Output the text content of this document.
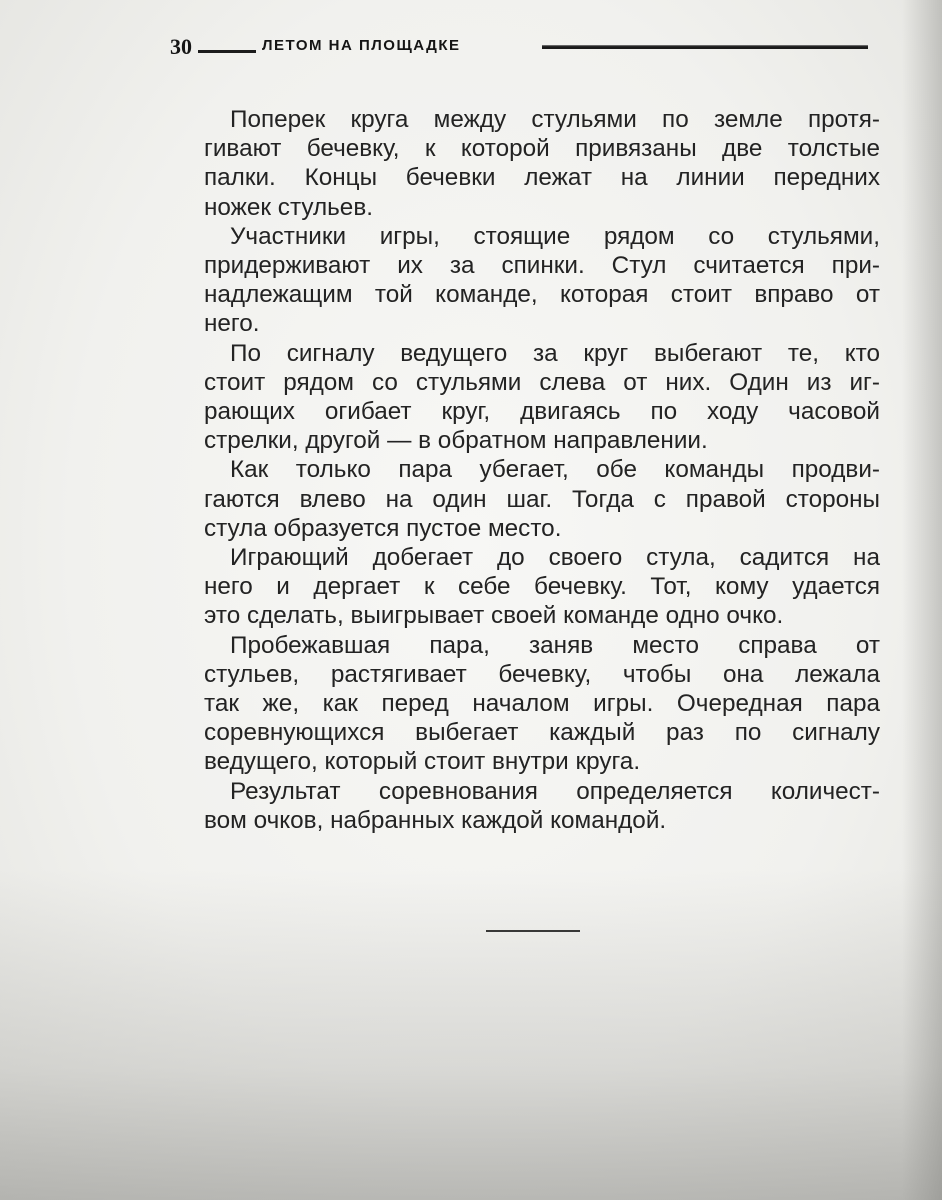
30	ЛЕТОМ НА ПЛОЩАДКЕ
Поперек круга между стульями по земле протя-
гивают бечевку, к которой привязаны две толстые
палки. Концы бечевки лежат на линии передних
ножек стульев.
Участники игры, стоящие рядом со стульями,
придерживают их за спинки. Стул считается при-
надлежащим той команде, которая стоит вправо от
него.
По сигналу ведущего за круг выбегают те, кто
стоит рядом со стульями слева от них. Один из иг-
рающих огибает круг, двигаясь по ходу часовой
стрелки, другой — в обратном направлении.
Как только пара убегает, обе команды продви-
гаются влево на один шаг. Тогда с правой стороны
стула образуется пустое место.
Играющий добегает до своего стула, садится на
него и дергает к себе бечевку. Тот, кому удается
это сделать, выигрывает своей команде одно очко.
Пробежавшая пара, заняв место справа от
стульев, растягивает бечевку, чтобы она лежала
так же, как перед началом игры. Очередная пара
соревнующихся выбегает каждый раз по сигналу
ведущего, который стоит внутри круга.
Результат соревнования определяется количест-
вом очков, набранных каждой командой.
